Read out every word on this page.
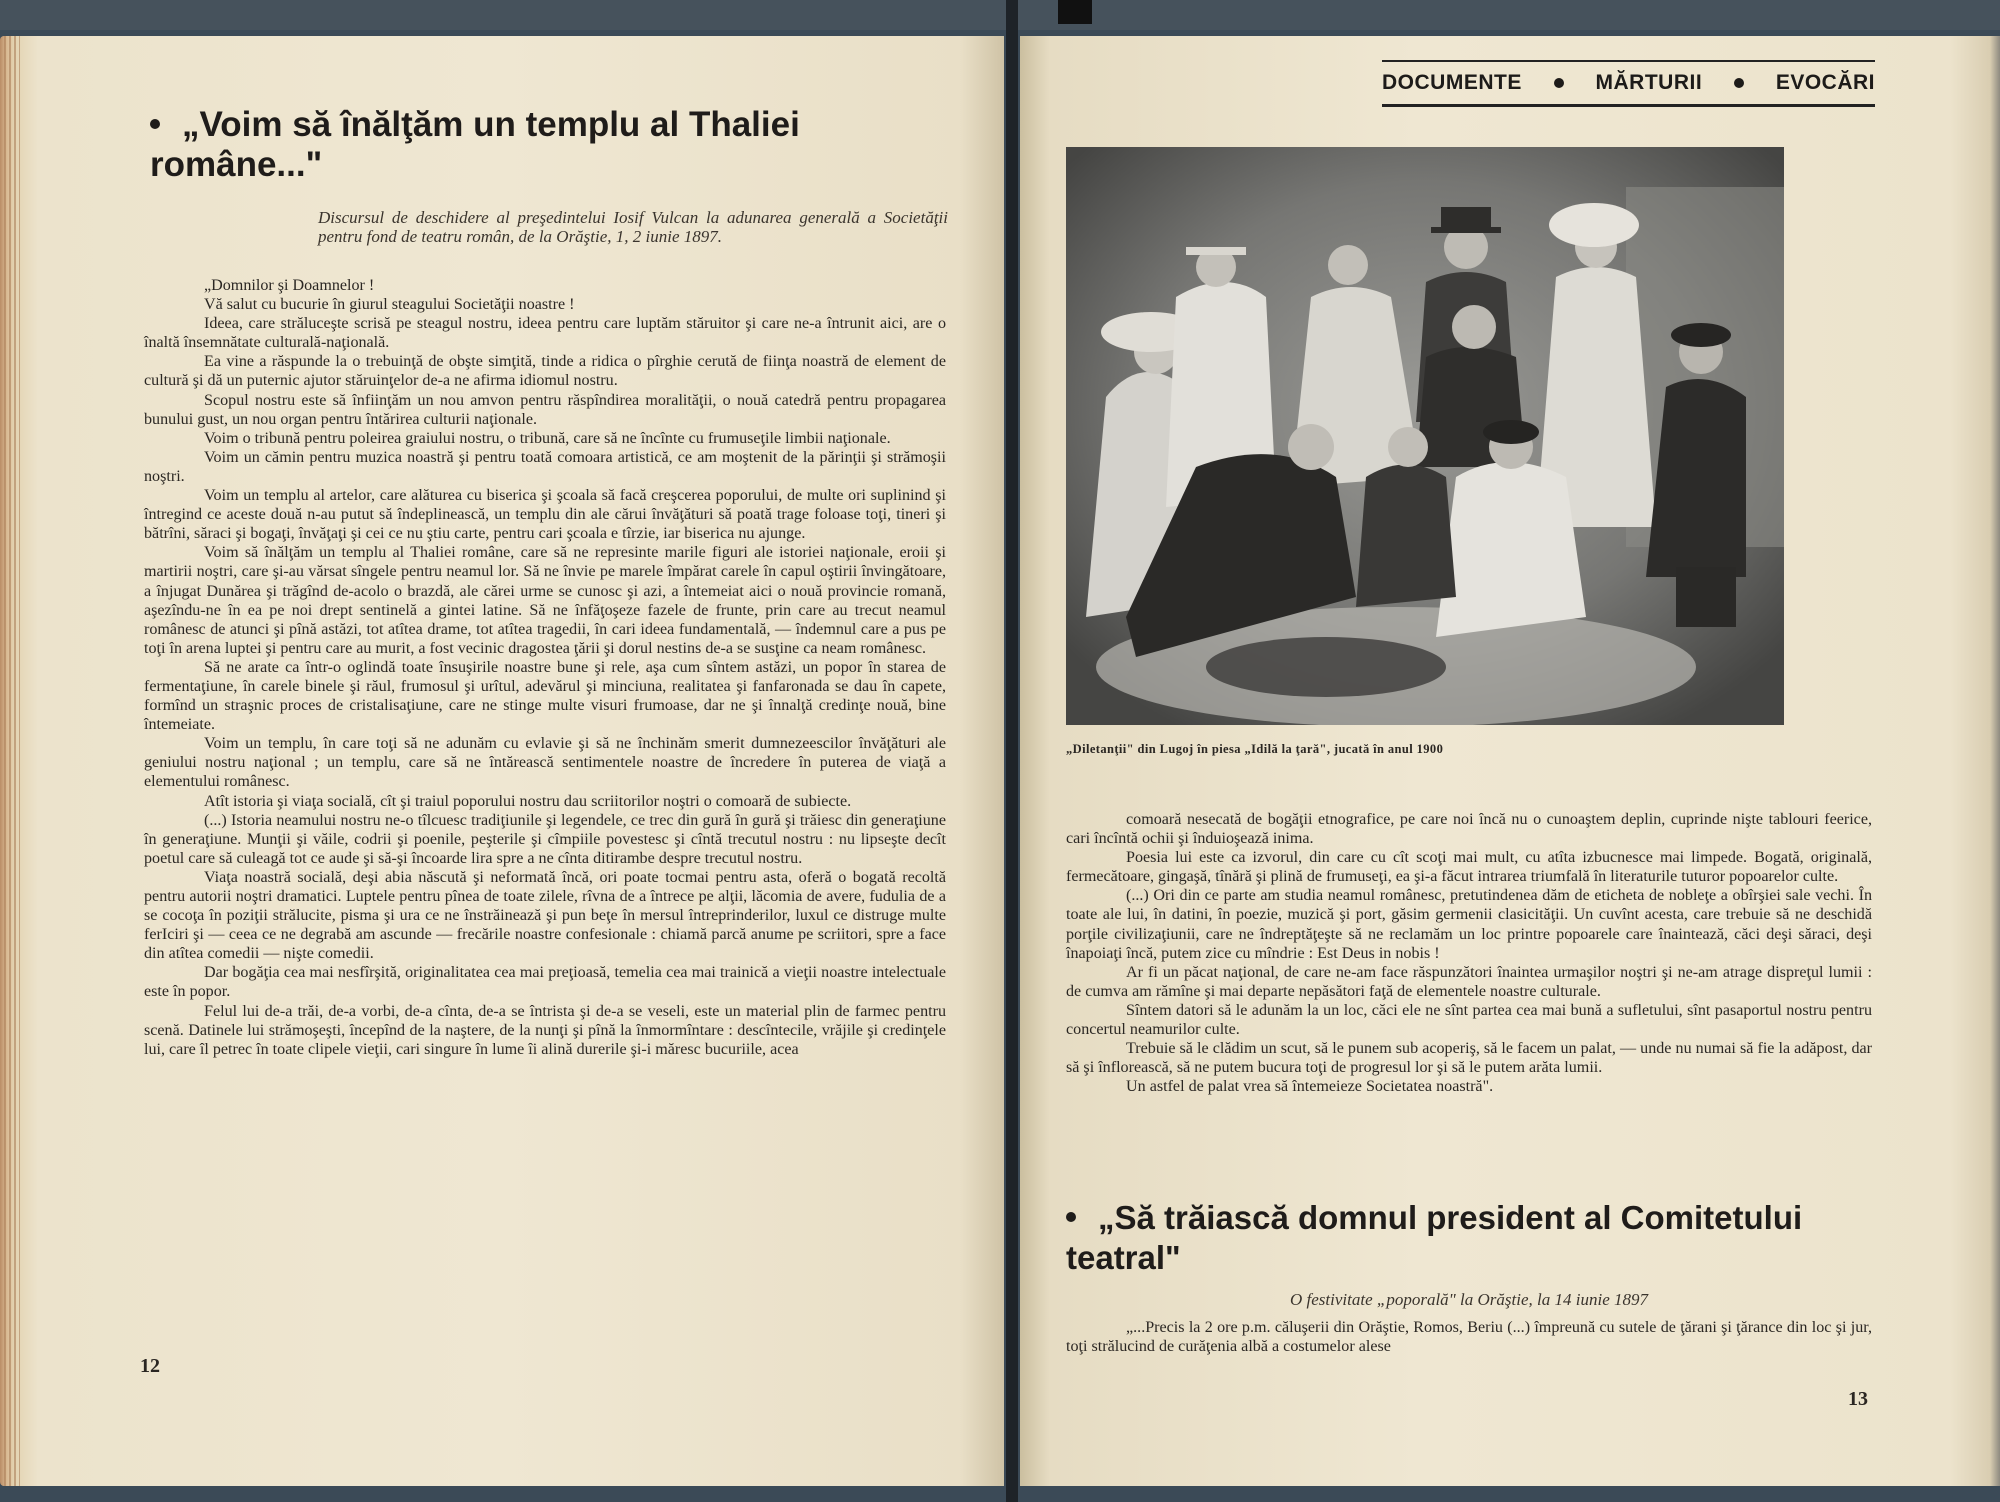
„Voim să înălţăm un templu al Thaliei române..."

Discursul de deschidere al preşedintelui Iosif Vulcan la adunarea generală a Societăţii pentru fond de teatru român, de la Orăştie, 1, 2 iunie 1897.

„Domnilor şi Doamnelor !

Vă salut cu bucurie în giurul steagului Societăţii noastre !

Ideea, care străluceşte scrisă pe steagul nostru, ideea pentru care luptăm stăruitor şi care ne-a întrunit aici, are o înaltă însemnătate culturală-naţională.

Ea vine a răspunde la o trebuinţă de obşte simţită, tinde a ridica o pîrghie cerută de fiinţa noastră de element de cultură şi dă un puternic ajutor stăruinţelor de-a ne afirma idiomul nostru.

Scopul nostru este să înfiinţăm un nou amvon pentru răspîndirea moralităţii, o nouă catedră pentru propagarea bunului gust, un nou organ pentru întărirea culturii naţionale.

Voim o tribună pentru poleirea graiului nostru, o tribună, care să ne încînte cu frumuseţile limbii naţionale.

Voim un cămin pentru muzica noastră şi pentru toată comoara artistică, ce am moştenit de la părinţii şi strămoşii noştri.

Voim un templu al artelor, care alăturea cu biserica şi şcoala să facă creşcerea poporului, de multe ori suplinind şi întregind ce aceste două n-au putut să îndeplinească, un templu din ale cărui învăţături să poată trage foloase toţi, tineri şi bătrîni, săraci şi bogaţi, învăţaţi şi cei ce nu ştiu carte, pentru cari şcoala e tîrzie, iar biserica nu ajunge.

Voim să înălţăm un templu al Thaliei române, care să ne represinte marile figuri ale istoriei naţionale, eroii şi martirii noştri, care şi-au vărsat sîngele pentru neamul lor. Să ne învie pe marele împărat carele în capul oştirii învingătoare, a înjugat Dunărea şi trăgînd de-acolo o brazdă, ale cărei urme se cunosc şi azi, a întemeiat aici o nouă provincie romană, aşezîndu-ne în ea pe noi drept sentinelă a gintei latine. Să ne înfăţoşeze fazele de frunte, prin care au trecut neamul românesc de atunci şi pînă astăzi, tot atîtea drame, tot atîtea tragedii, în cari ideea fundamentală, — îndemnul care a pus pe toţi în arena luptei şi pentru care au murit, a fost vecinic dragostea ţării şi dorul nestins de-a se susţine ca neam românesc.

Să ne arate ca într-o oglindă toate însuşirile noastre bune şi rele, aşa cum sîntem astăzi, un popor în starea de fermentaţiune, în carele binele şi răul, frumosul şi urîtul, adevărul şi minciuna, realitatea şi fanfaronada se dau în capete, formînd un straşnic proces de cristalisaţiune, care ne stinge multe visuri frumoase, dar ne şi înnalţă credinţe nouă, bine întemeiate.

Voim un templu, în care toţi să ne adunăm cu evlavie şi să ne închinăm smerit dumnezeescilor învăţături ale geniului nostru naţional ; un templu, care să ne întărească sentimentele noastre de încredere în puterea de viaţă a elementului românesc.

Atît istoria şi viaţa socială, cît şi traiul poporului nostru dau scriitorilor noştri o comoară de subiecte.

(...) Istoria neamului nostru ne-o tîlcuesc tradiţiunile şi legendele, ce trec din gură în gură şi trăiesc din generaţiune în generaţiune. Munţii şi văile, codrii şi poenile, peşterile şi cîmpiile povestesc şi cîntă trecutul nostru : nu lipseşte decît poetul care să culeagă tot ce aude şi să-şi încoarde lira spre a ne cînta ditirambe despre trecutul nostru.

Viaţa noastră socială, deşi abia născută şi neformată încă, ori poate tocmai pentru asta, oferă o bogată recoltă pentru autorii noştri dramatici. Luptele pentru pînea de toate zilele, rîvna de a întrece pe alţii, lăcomia de avere, fudulia de a se cocoţa în poziţii strălucite, pisma şi ura ce ne înstrăinează şi pun beţe în mersul întreprinderilor, luxul ce distruge multe ferIciri şi — ceea ce ne degrabă am ascunde — frecările noastre confesionale : chiamă parcă anume pe scriitori, spre a face din atîtea comedii — nişte comedii.

Dar bogăţia cea mai nesfîrşită, originalitatea cea mai preţioasă, temelia cea mai trainică a vieţii noastre intelectuale este în popor.

Felul lui de-a trăi, de-a vorbi, de-a cînta, de-a se întrista şi de-a se veseli, este un material plin de farmec pentru scenă. Datinele lui strămoşeşti, începînd de la naştere, de la nunţi şi pînă la înmormîntare : descîntecile, vrăjile şi credinţele lui, care îl petrec în toate clipele vieţii, cari singure în lume îi alină durerile şi-i măresc bucuriile, acea

12

DOCUMENTE	MĂRTURII	EVOCĂRI

„Diletanţii" din Lugoj în piesa „Idilă la ţară", jucată în anul 1900

comoară nesecată de bogăţii etnografice, pe care noi încă nu o cunoaştem deplin, cuprinde nişte tablouri feerice, cari încîntă ochii şi înduioşează inima.

Poesia lui este ca izvorul, din care cu cît scoţi mai mult, cu atîta izbucnesce mai limpede. Bogată, originală, fermecătoare, gingaşă, tînără şi plină de frumuseţi, ea şi-a făcut intrarea triumfală în literaturile tuturor popoarelor culte.

(...) Ori din ce parte am studia neamul românesc, pretutindenea dăm de eticheta de nobleţe a obîrşiei sale vechi. În toate ale lui, în datini, în poezie, muzică şi port, găsim germenii clasicităţii. Un cuvînt acesta, care trebuie să ne deschidă porţile civilizaţiunii, care ne îndreptăţeşte să ne reclamăm un loc printre popoarele care înaintează, căci deşi săraci, deşi înapoiaţi încă, putem zice cu mîndrie : Est Deus in nobis !

Ar fi un păcat naţional, de care ne-am face răspunzători înaintea urmaşilor noştri şi ne-am atrage dispreţul lumii : de cumva am rămîne şi mai departe nepăsători faţă de elementele noastre culturale.

Sîntem datori să le adunăm la un loc, căci ele ne sînt partea cea mai bună a sufletului, sînt pasaportul nostru pentru concertul neamurilor culte.

Trebuie să le clădim un scut, să le punem sub acoperiş, să le facem un palat, — unde nu numai să fie la adăpost, dar să şi înflorească, să ne putem bucura toţi de progresul lor şi să le putem arăta lumii.

Un astfel de palat vrea să întemeieze Societatea noastră".

„Să trăiască domnul president al Comitetului teatral"

O festivitate „poporală" la Orăştie, la 14 iunie 1897

„...Precis la 2 ore p.m. căluşerii din Orăştie, Romos, Beriu (...) împreună cu sutele de ţărani şi ţărance din loc şi jur, toţi strălucind de curăţenia albă a costumelor alese

13
